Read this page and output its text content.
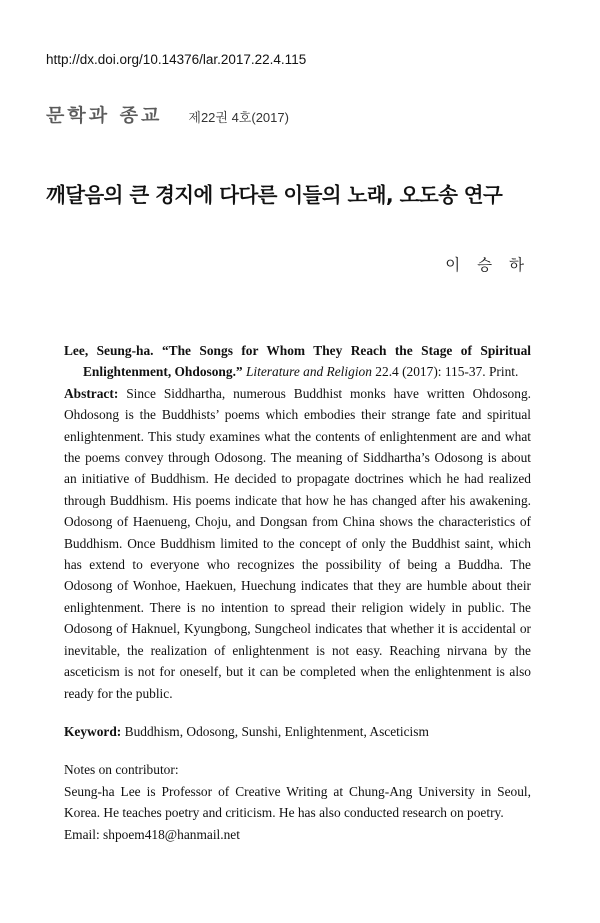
http://dx.doi.org/10.14376/lar.2017.22.4.115
문학과 종교 제22권 4호(2017)
깨달음의 큰 경지에 다다른 이들의 노래, 오도송 연구
이 승 하

Lee, Seung-ha. “The Songs for Whom They Reach the Stage of Spiritual Enlightenment, Ohdosong.” Literature and Religion 22.4 (2017): 115-37. Print.

Abstract: Since Siddhartha, numerous Buddhist monks have written Ohdosong. Ohdosong is the Buddhists’ poems which embodies their strange fate and spiritual enlightenment. This study examines what the contents of enlightenment are and what the poems convey through Odosong. The meaning of Siddhartha’s Odosong is about an initiative of Buddhism. He decided to propagate doctrines which he had realized through Buddhism. His poems indicate that how he has changed after his awakening. Odosong of Haenueng, Choju, and Dongsan from China shows the characteristics of Buddhism. Once Buddhism limited to the concept of only the Buddhist saint, which has extend to everyone who recognizes the possibility of being a Buddha. The Odosong of Wonhoe, Haekuen, Huechung indicates that they are humble about their enlightenment. There is no intention to spread their religion widely in public. The Odosong of Haknuel, Kyungbong, Sungcheol indicates that whether it is accidental or inevitable, the realization of enlightenment is not easy. Reaching nirvana by the asceticism is not for oneself, but it can be completed when the enlightenment is also ready for the public.

Keyword: Buddhism, Odosong, Sunshi, Enlightenment, Asceticism

Notes on contributor:

Seung-ha Lee is Professor of Creative Writing at Chung-Ang University in Seoul, Korea. He teaches poetry and criticism. He has also conducted research on poetry.

Email: shpoem418@hanmail.net
